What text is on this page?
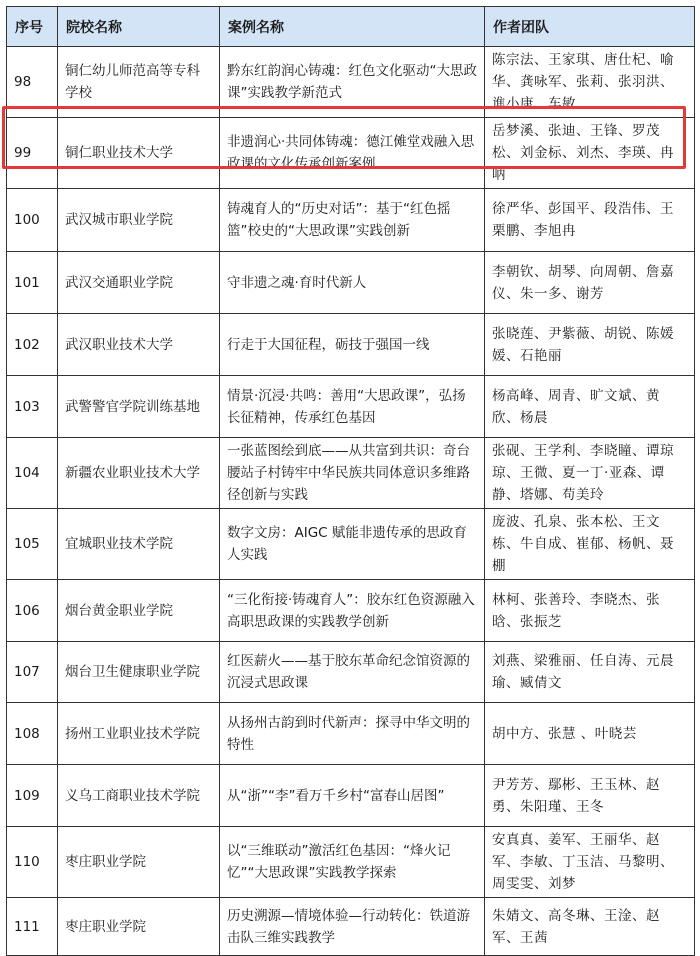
序号	院校名称	案例名称	作者团队
98	铜仁幼儿师范高等专科学校	黔东红韵润心铸魂：红色文化驱动“大思政课”实践教学新范式	陈宗法、王家琪、唐仕杞、喻华、龚咏军、张莉、张羽洪、谯小康、车敏
99	铜仁职业技术大学	非遗润心·共同体铸魂：德江傩堂戏融入思政课的文化传承创新案例	岳梦溪、张迪、王锋、罗茂松、刘金标、刘杰、李瑛、冉呐
100	武汉城市职业学院	铸魂育人的“历史对话”：基于“红色摇篮”校史的“大思政课”实践创新	徐严华、彭国平、段浩伟、王栗鹏、李旭冉
101	武汉交通职业学院	守非遗之魂·育时代新人	李朝钦、胡琴、向周朝、詹嘉仪、朱一多、谢芳
102	武汉职业技术大学	行走于大国征程，砺技于强国一线	张晓莲、尹紫薇、胡锐、陈媛媛、石艳丽
103	武警警官学院训练基地	情景·沉浸·共鸣：善用“大思政课”，弘扬长征精神，传承红色基因	杨高峰、周青、旷文斌、黄欣、杨晨
104	新疆农业职业技术大学	一张蓝图绘到底——从共富到共识：奇台腰站子村铸牢中华民族共同体意识多维路径创新与实践	张砚、王学利、李晓瞳、谭琼琼、王微、夏一丁·亚森、谭静、塔娜、苟美玲
105	宜城职业技术学院	数字文房：AIGC 赋能非遗传承的思政育人实践	庞波、孔泉、张本松、王文栋、牛自成、崔郁、杨帆、聂棚
106	烟台黄金职业学院	“三化衔接·铸魂育人”：胶东红色资源融入高职思政课的实践教学创新	林柯、张善玲、李晓杰、张晗、张振芝
107	烟台卫生健康职业学院	红医薪火——基于胶东革命纪念馆资源的沉浸式思政课	刘燕、梁雅丽、任自涛、元晨瑜、臧倩文
108	扬州工业职业技术学院	从扬州古韵到时代新声：探寻中华文明的特性	胡中方、张慧 、叶晓芸
109	义乌工商职业技术学院	从“浙”“李”看万千乡村“富春山居图”	尹芳芳、鄢彬、王玉林、赵勇、朱阳瑾、王冬
110	枣庄职业学院	以“三维联动”激活红色基因：“烽火记忆”“大思政课”实践教学探索	安真真、姜军、王丽华、赵军、李敏、丁玉洁、马黎明、周雯雯、刘梦
111	枣庄职业学院	历史溯源—情境体验—行动转化：铁道游击队三维实践教学	朱婧文、高冬琳、王淦、赵军、王茜
